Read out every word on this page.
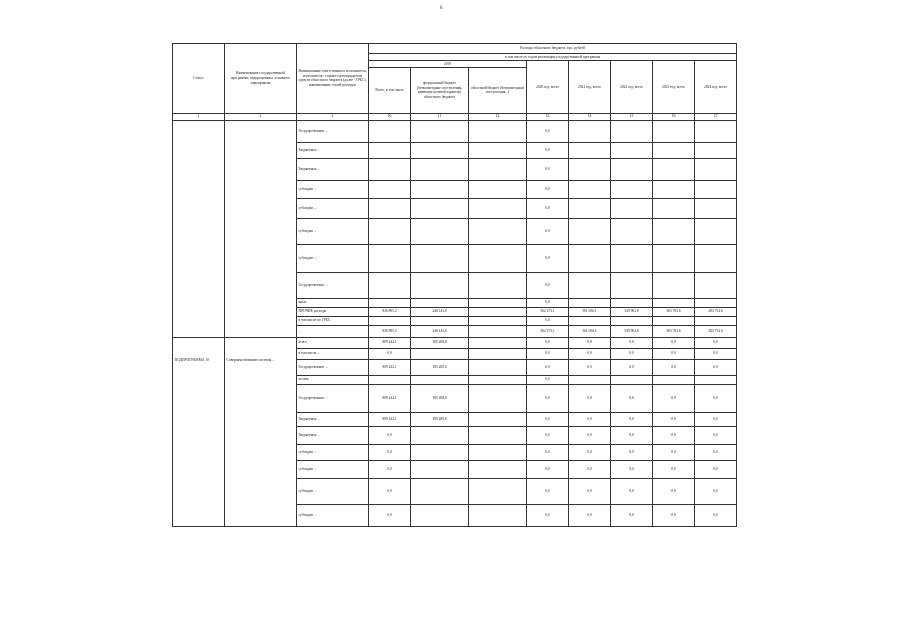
6
Статус	Наименование государственной программы, подпрограммы, основного мероприятия	Наименование ответственного исполнителя, исполнителя - главного распорядителя средств областного бюджета (далее - ГРБС), наименование статей расходов	Расходы областного бюджета, тыс. рублей							
			в том числе по годам реализации государственной программы							
			2019			2020 год, всего	2021 год, всего	2022 год, всего	2023 год, всего	2024 год, всего
			Всего, в том числе	федеральный бюджет (безвозмездные поступления, имеющие целевой характер) областного бюджета	областной бюджет (безвозмездные поступления...)					
1	2	3	10	11	12	13	14	15	16	17
		Государственное ...				0,0				
		Бюджетные ...				0,0				
		Бюджетные ...				0,0				
		субсидии ...				0,0				
		субсидии ...				0,0				
		субсидии ...				0,0				
		субсидии ...				0,0				
		Государственное ...				0,0				
		иные				0,0				
		ПРОЧИЕ расходы	836 895,2	246 143,0		562 273,1	561 056,1	549 963,8	383 765,6	283 754,6
		в том числе по ГРБС:				0,0				
		...	836 895,2	246 143,0		562 273,1	561 056,1	549 963,8	383 765,6	283 754,6
ПОДПРОГРАММА 10	Совершенствование системы ...	всего	809 242,1	185 200,0		0,0	0,0	0,0	0,0	0,0
		в том числе ...	0,0			0,0	0,0	0,0	0,0	0,0
		Государственное ...	809 242,1	185 200,0		0,0	0,0	0,0	0,0	0,0
		из них:				0,0				
		Государственное ...	809 242,1	185 200,0		0,0	0,0	0,0	0,0	0,0
		Бюджетные ...	809 242,1	185 200,0		0,0	0,0	0,0	0,0	0,0
		Бюджетные ...	0,0			0,0	0,0	0,0	0,0	0,0
		субсидии ...	0,0			0,0	0,0	0,0	0,0	0,0
		субсидии ...	0,0			0,0	0,0	0,0	0,0	0,0
		субсидии ...	0,0			0,0	0,0	0,0	0,0	0,0
		субсидии ...	0,0			0,0	0,0	0,0	0,0	0,0
